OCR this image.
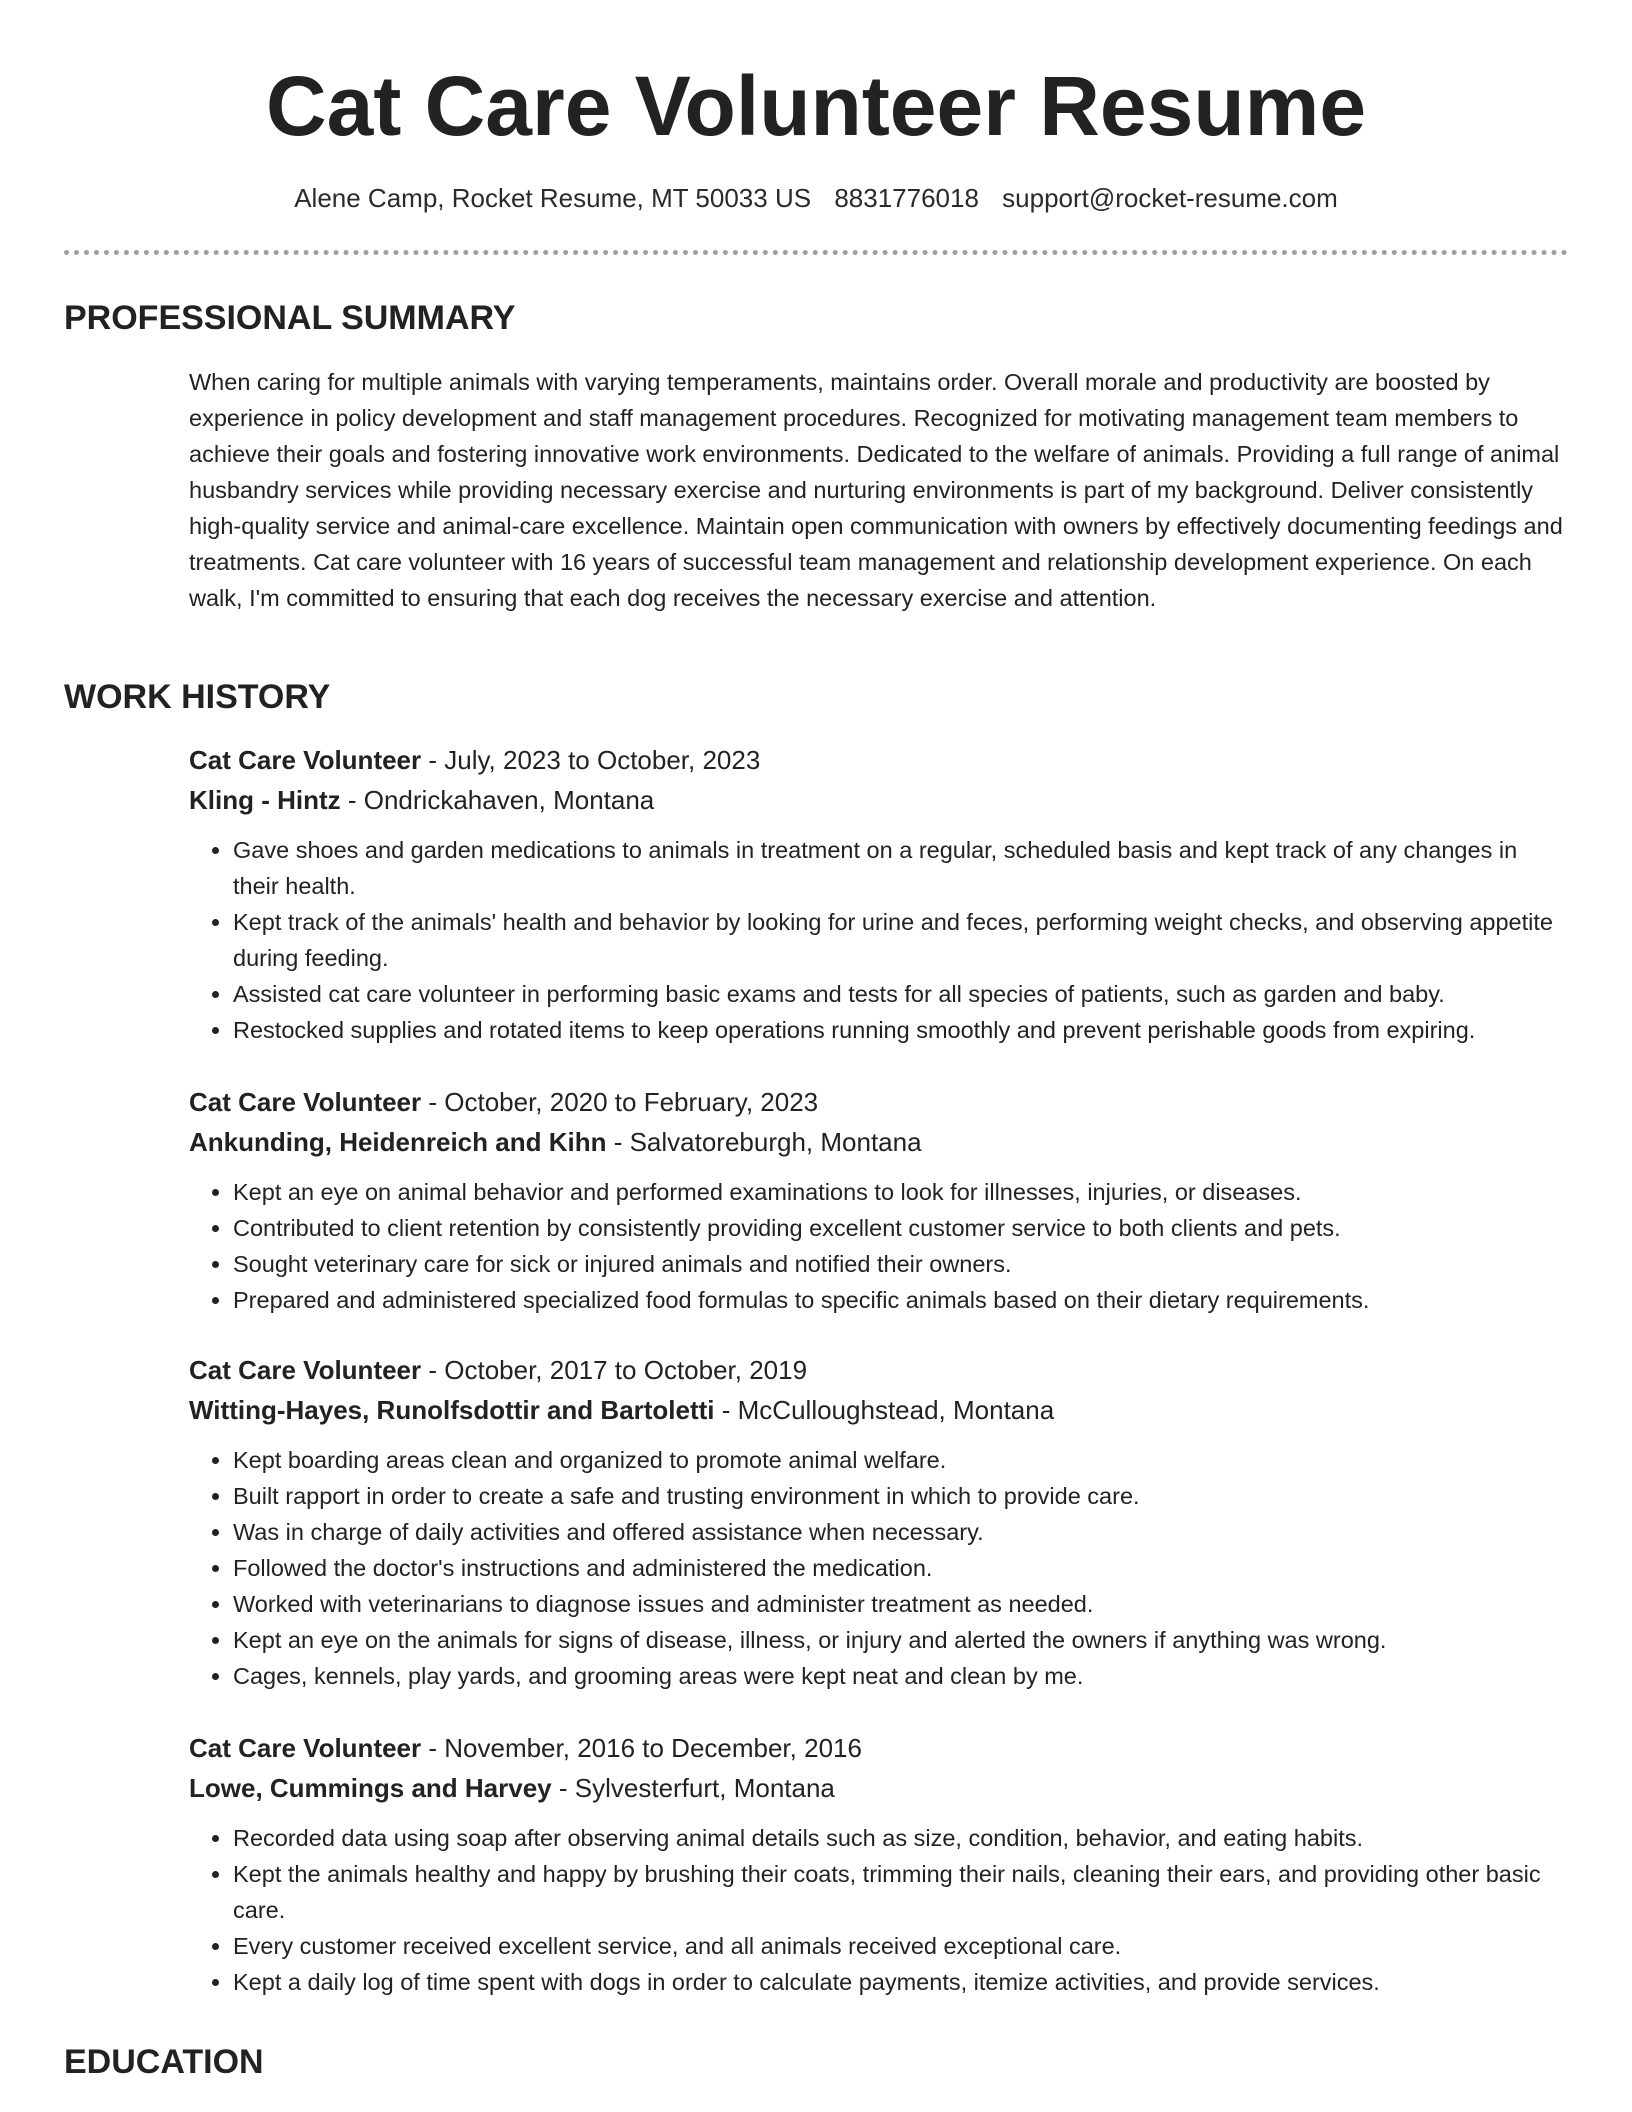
Cat Care Volunteer Resume
Alene Camp, Rocket Resume, MT 50033 US 8831776018 support@rocket-resume.com
PROFESSIONAL SUMMARY
When caring for multiple animals with varying temperaments, maintains order. Overall morale and productivity are boosted by experience in policy development and staff management procedures. Recognized for motivating management team members to achieve their goals and fostering innovative work environments. Dedicated to the welfare of animals. Providing a full range of animal husbandry services while providing necessary exercise and nurturing environments is part of my background. Deliver consistently high-quality service and animal-care excellence. Maintain open communication with owners by effectively documenting feedings and treatments. Cat care volunteer with 16 years of successful team management and relationship development experience. On each walk, I'm committed to ensuring that each dog receives the necessary exercise and attention.
WORK HISTORY
Cat Care Volunteer - July, 2023 to October, 2023
Kling - Hintz - Ondrickahaven, Montana
• Gave shoes and garden medications to animals in treatment on a regular, scheduled basis and kept track of any changes in their health.
• Kept track of the animals' health and behavior by looking for urine and feces, performing weight checks, and observing appetite during feeding.
• Assisted cat care volunteer in performing basic exams and tests for all species of patients, such as garden and baby.
• Restocked supplies and rotated items to keep operations running smoothly and prevent perishable goods from expiring.
Cat Care Volunteer - October, 2020 to February, 2023
Ankunding, Heidenreich and Kihn - Salvatoreburgh, Montana
• Kept an eye on animal behavior and performed examinations to look for illnesses, injuries, or diseases.
• Contributed to client retention by consistently providing excellent customer service to both clients and pets.
• Sought veterinary care for sick or injured animals and notified their owners.
• Prepared and administered specialized food formulas to specific animals based on their dietary requirements.
Cat Care Volunteer - October, 2017 to October, 2019
Witting-Hayes, Runolfsdottir and Bartoletti - McCulloughstead, Montana
• Kept boarding areas clean and organized to promote animal welfare.
• Built rapport in order to create a safe and trusting environment in which to provide care.
• Was in charge of daily activities and offered assistance when necessary.
• Followed the doctor's instructions and administered the medication.
• Worked with veterinarians to diagnose issues and administer treatment as needed.
• Kept an eye on the animals for signs of disease, illness, or injury and alerted the owners if anything was wrong.
• Cages, kennels, play yards, and grooming areas were kept neat and clean by me.
Cat Care Volunteer - November, 2016 to December, 2016
Lowe, Cummings and Harvey - Sylvesterfurt, Montana
• Recorded data using soap after observing animal details such as size, condition, behavior, and eating habits.
• Kept the animals healthy and happy by brushing their coats, trimming their nails, cleaning their ears, and providing other basic care.
• Every customer received excellent service, and all animals received exceptional care.
• Kept a daily log of time spent with dogs in order to calculate payments, itemize activities, and provide services.
EDUCATION
